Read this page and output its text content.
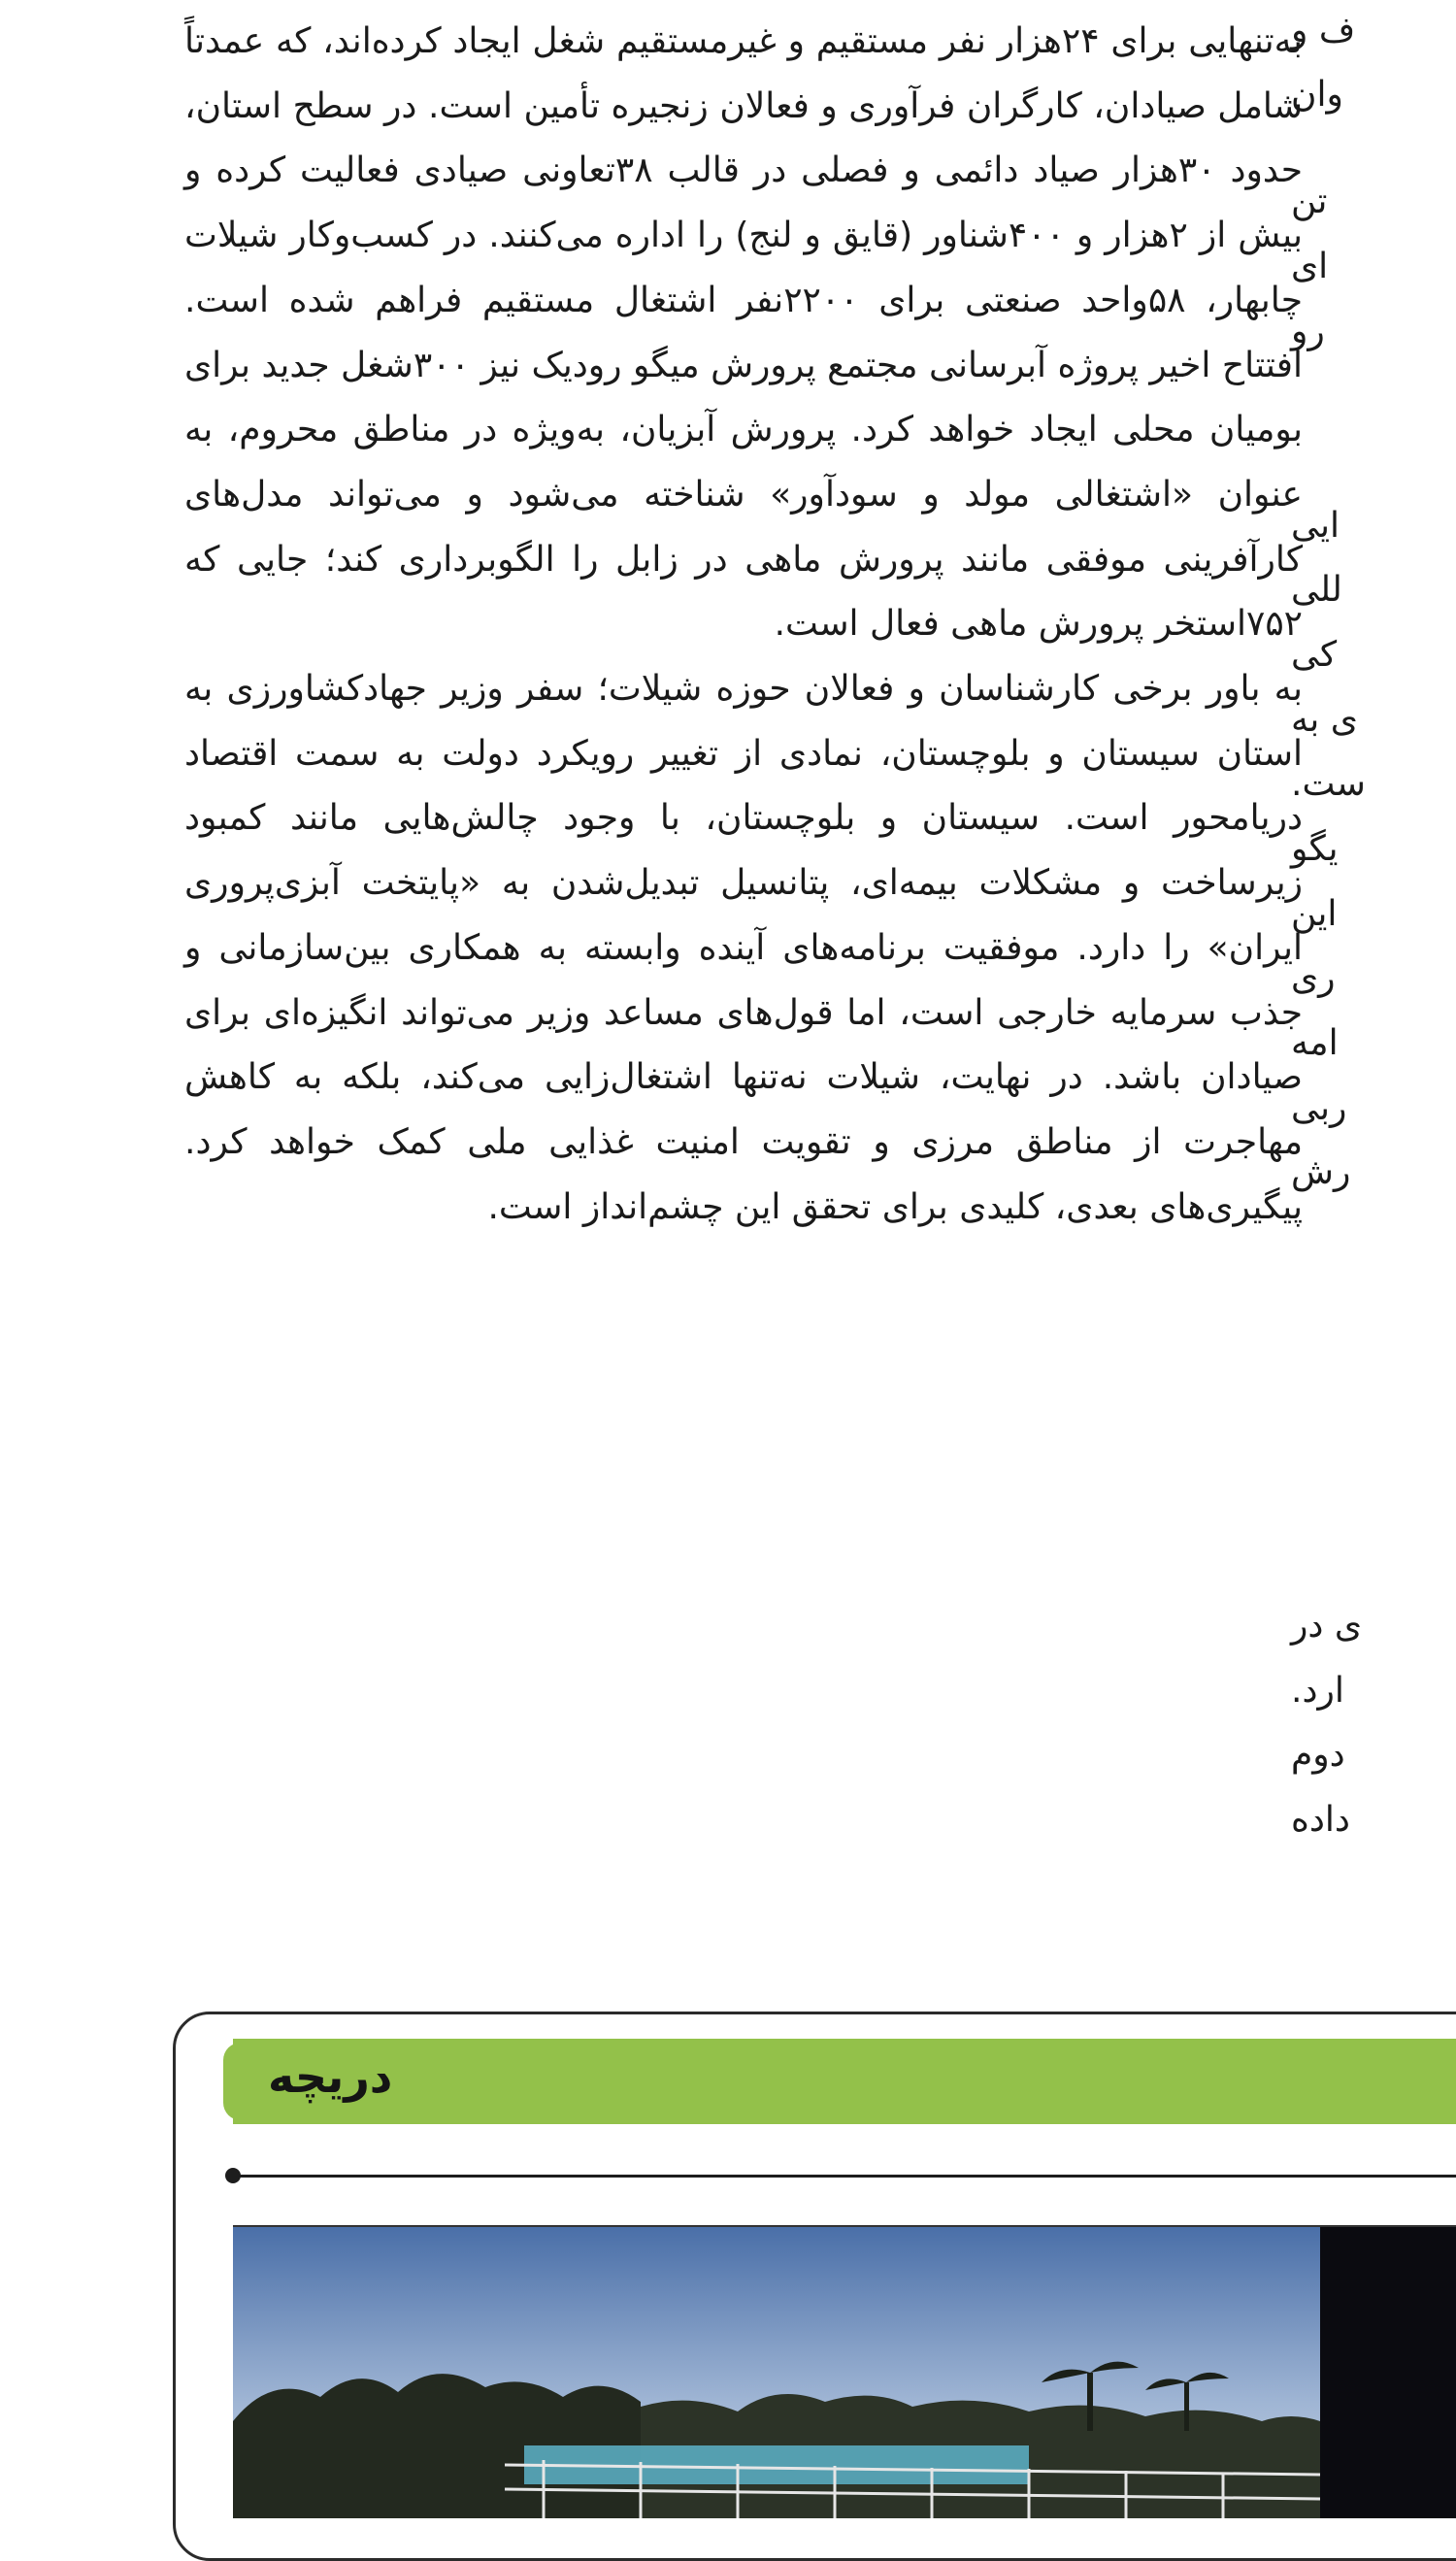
به‌تنهایی برای ۲۴هزار نفر مستقیم و غیرمستقیم شغل ایجاد کرده‌اند، که عمدتاً شامل صیادان، کارگران فرآوری و فعالان زنجیره تأمین است. در سطح استان، حدود ۳۰هزار صیاد دائمی و فصلی در قالب ۳۸تعاونی صیادی فعالیت کرده و بیش از ۲هزار و ۴۰۰شناور (قایق و لنج) را اداره می‌کنند. در کسب‌وکار شیلات چابهار، ۵۸واحد صنعتی برای ۲۲۰۰نفر اشتغال مستقیم فراهم شده است. افتتاح اخیر پروژه آبرسانی مجتمع پرورش میگو رودیک نیز ۳۰۰شغل جدید برای بومیان محلی ایجاد خواهد کرد. پرورش آبزیان، به‌ویژه در مناطق محروم، به عنوان «اشتغالی مولد و سودآور» شناخته می‌شود و می‌تواند مدل‌های کارآفرینی موفقی مانند پرورش ماهی در زابل را الگوبرداری کند؛ جایی که ۷۵۲استخر پرورش ماهی فعال است.

به باور برخی کارشناسان و فعالان حوزه شیلات؛ سفر وزیر جهادکشاورزی به استان سیستان و بلوچستان، نمادی از تغییر رویکرد دولت به سمت اقتصاد دریامحور است. سیستان و بلوچستان، با وجود چالش‌هایی مانند کمبود زیرساخت و مشکلات بیمه‌ای، پتانسیل تبدیل‌شدن به «پایتخت آبزی‌پروری ایران» را دارد. موفقیت برنامه‌های آینده وابسته به همکاری بین‌سازمانی و جذب سرمایه خارجی است، اما قول‌های مساعد وزیر می‌تواند انگیزه‌ای برای صیادان باشد. در نهایت، شیلات نه‌تنها اشتغال‌زایی می‌کند، بلکه به کاهش مهاجرت از مناطق مرزی و تقویت امنیت غذایی ملی کمک خواهد کرد. پیگیری‌های بعدی، کلیدی برای تحقق این چشم‌انداز است.

ف و
وان
تن
ای
رو
ایی
للی
کی
ی به
ست.
یگو
این
ری
امه
ربی
رش
ی در
ارد.
دوم
داده
دریچه
